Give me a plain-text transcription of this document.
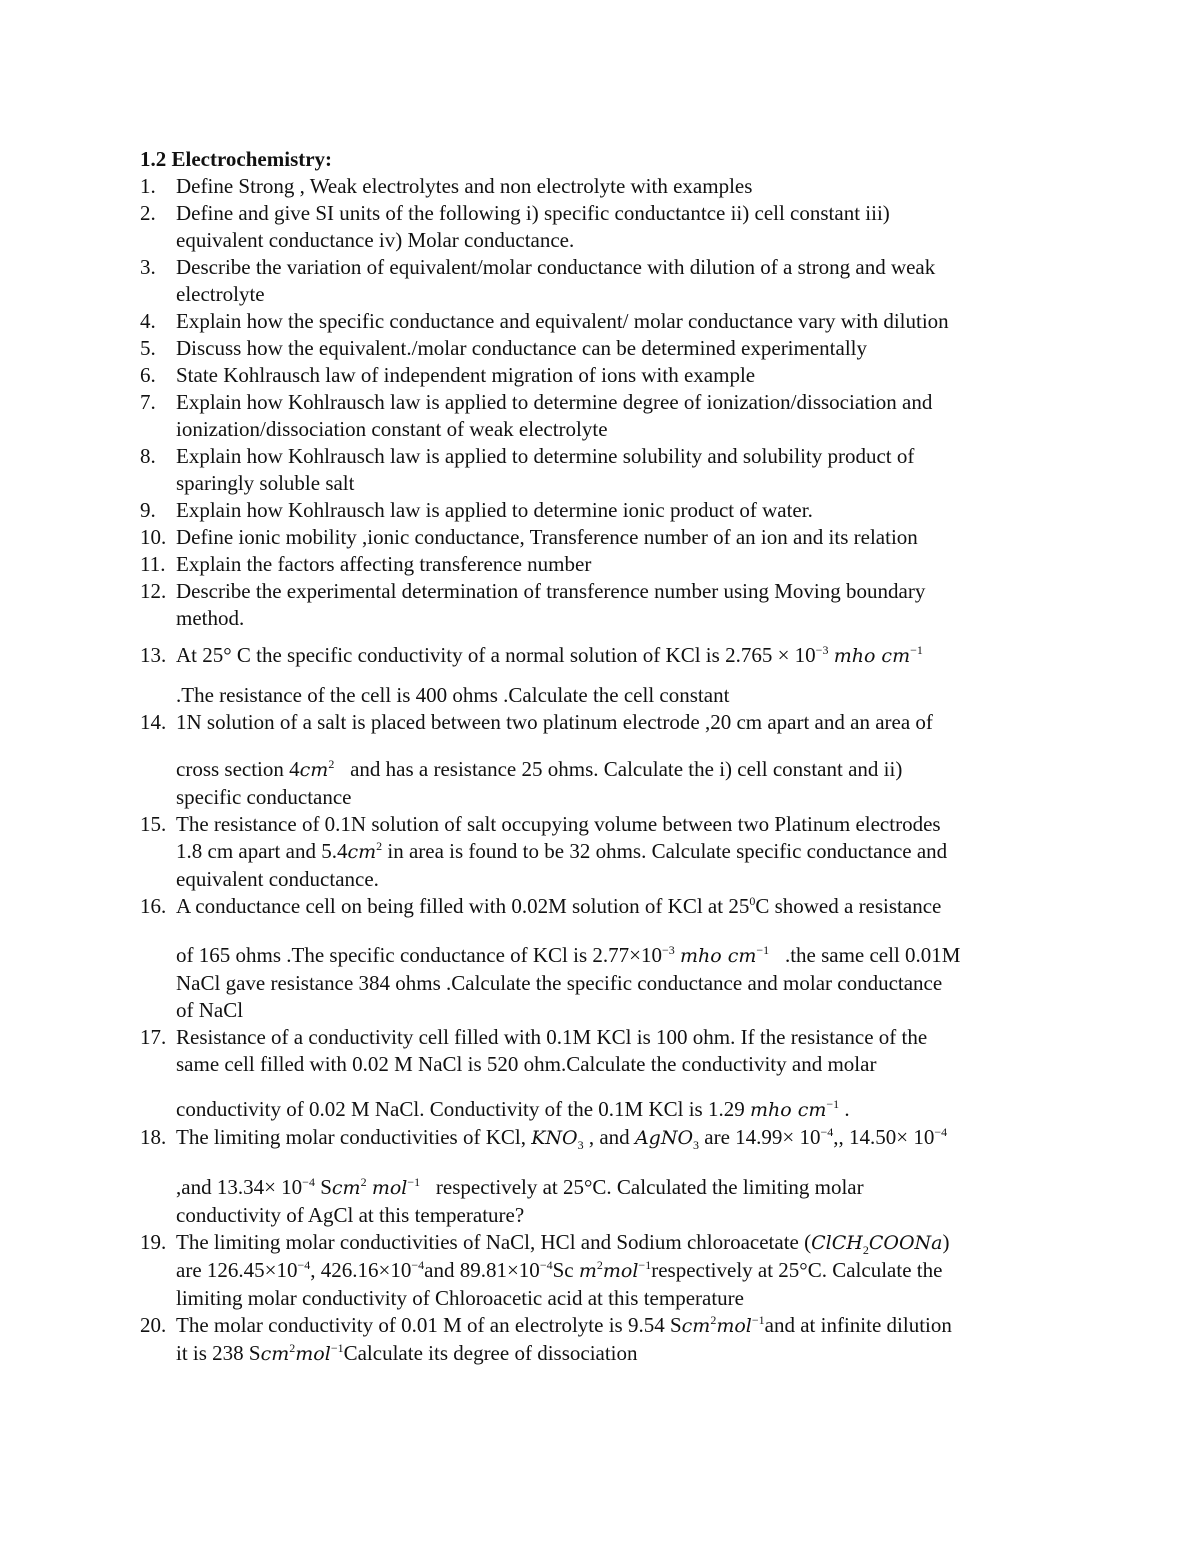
1.2 Electrochemistry:
1. Define Strong , Weak electrolytes and non electrolyte with examples

2. Define and give SI units of the following i) specific conductantce ii) cell constant iii)

equivalent conductance iv) Molar conductance.

3. Describe the variation of equivalent/molar conductance with dilution of a strong and weak

electrolyte

4. Explain how the specific conductance and equivalent/ molar conductance vary with dilution

5. Discuss how the equivalent./molar conductance can be determined experimentally

6. State Kohlrausch law of independent migration of ions with example

7. Explain how Kohlrausch law is applied to determine degree of ionization/dissociation and

ionization/dissociation constant of weak electrolyte

8. Explain how Kohlrausch law is applied to determine solubility and solubility product of

sparingly soluble salt

9. Explain how Kohlrausch law is applied to determine ionic product of water.

10. Define ionic mobility ,ionic conductance, Transference number of an ion and its relation

11. Explain the factors affecting transference number

12. Describe the experimental determination of transference number using Moving boundary

method.

13. At 25° C the specific conductivity of a normal solution of KCl is $2.765 \times 10^{-3}$ mho $cm^{-1}$

.The resistance of the cell is 400 ohms .Calculate the cell constant

14. 1N solution of a salt is placed between two platinum electrode ,20 cm apart and an area of

cross section $4cm^2$ and has a resistance 25 ohms. Calculate the i) cell constant and ii)

specific conductance

15. The resistance of 0.1N solution of salt occupying volume between two Platinum electrodes

1.8 cm apart and $5.4cm^2$ in area is found to be 32 ohms. Calculate specific conductance and

equivalent conductance.

16. A conductance cell on being filled with 0.02M solution of KCl at $25^0C$ showed a resistance

of 165 ohms .The specific conductance of KCl is $2.77\times 10^{-3}$ mho $cm^{-1}$ .the same cell 0.01M

NaCl gave resistance 384 ohms .Calculate the specific conductance and molar conductance

of NaCl

17. Resistance of a conductivity cell filled with 0.1M KCl is 100 ohm. If the resistance of the

same cell filled with 0.02 M NaCl is 520 ohm.Calculate the conductivity and molar

conductivity of 0.02 M NaCl. Conductivity of the 0.1M KCl is 1.29 mho $cm^{-1}$ .

18. The limiting molar conductivities of KCl, $KNO_3$ , and AgNO$_3$ are $14.99\times 10^{-4}$,, $14.50\times 10^{-4}$

,and $13.34\times 10^{-4}$ Scm$^2$ mol$^{-1}$ respectively at 25°C. Calculated the limiting molar

conductivity of AgCl at this temperature?

19. The limiting molar conductivities of NaCl, HCl and Sodium chloroacetate (ClCH$_2$COONa)

are $126.45\times 10^{-4}$, $426.16\times 10^{-4}and$ $89.81\times 10^{-4}Sc$ $m^2mol^{-1}respectively$ at 25°C. Calculate the

limiting molar conductivity of Chloroacetic acid at this temperature

20. The molar conductivity of 0.01 M of an electrolyte is 9.54 Scm$^2$mol$^{-1}$and at infinite dilution

it is 238 Scm$^2$mol$^{-1}$Calculate its degree of dissociation
